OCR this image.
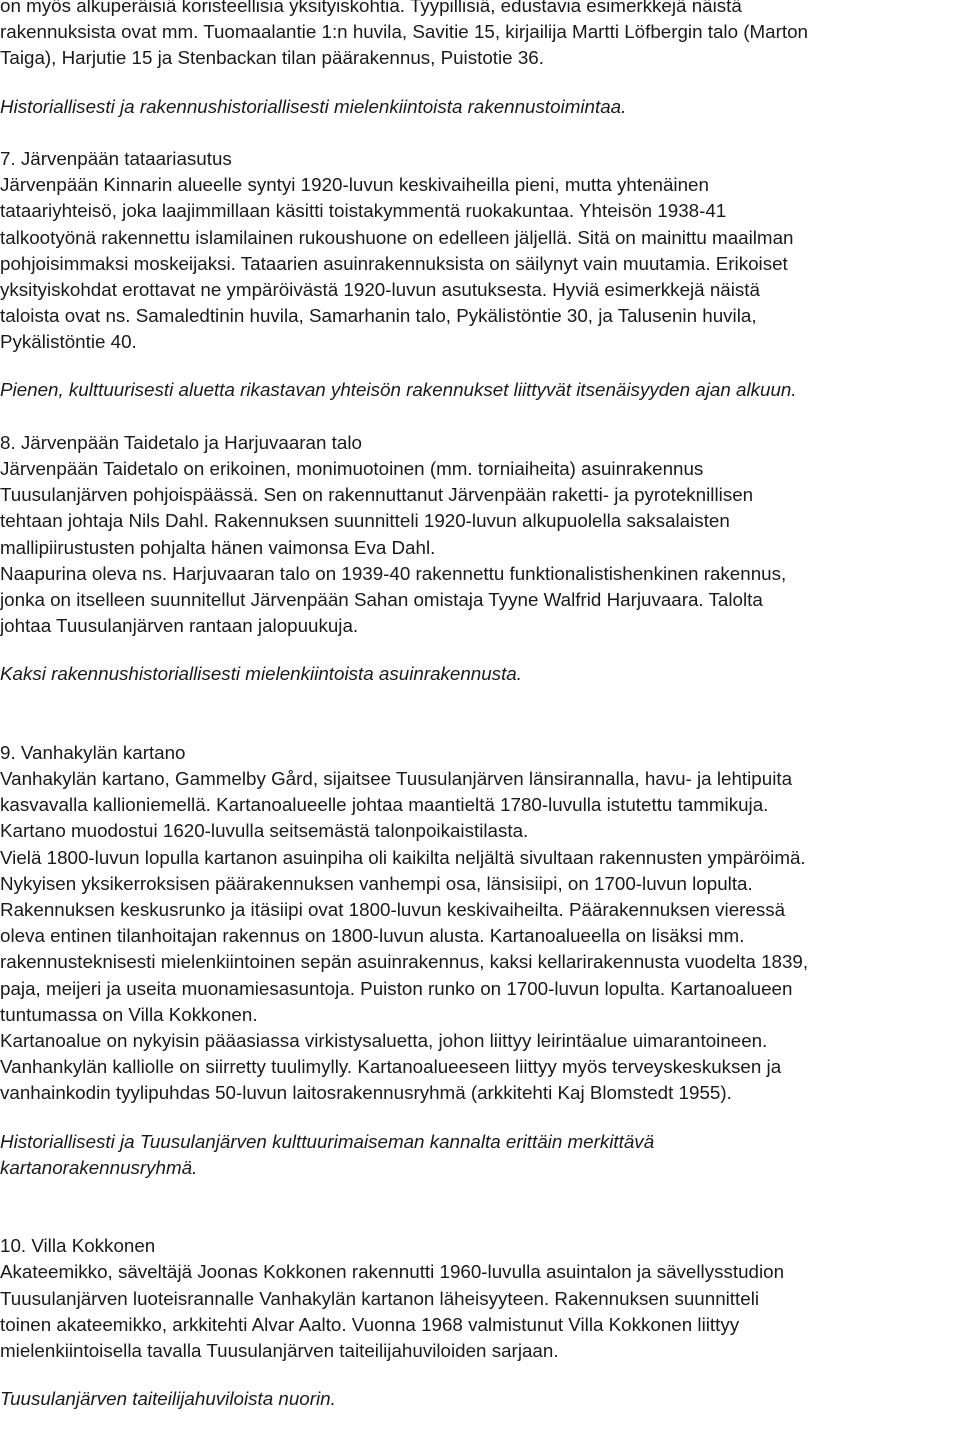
on myös alkuperäisiä koristeellisia yksityiskohtia. Tyypillisiä, edustavia esimerkkejä näistä
rakennuksista ovat mm. Tuomaalantie 1:n huvila, Savitie 15, kirjailija Martti Löfbergin talo (Marton
Taiga), Harjutie 15 ja Stenbackan tilan päärakennus, Puistotie 36.
Historiallisesti ja rakennushistoriallisesti mielenkiintoista rakennustoimintaa.
7. Järvenpään tataariasutus
Järvenpään Kinnarin alueelle syntyi 1920-luvun keskivaiheilla pieni, mutta yhtenäinen
tataariyhteisö, joka laajimmillaan käsitti toistakymmentä ruokakuntaa. Yhteisön 1938-41
talkootyönä rakennettu islamilainen rukoushuone on edelleen jäljellä. Sitä on mainittu maailman
pohjoisimmaksi moskeijaksi. Tataarien asuinrakennuksista on säilynyt vain muutamia. Erikoiset
yksityiskohdat erottavat ne ympäröivästä 1920-luvun asutuksesta. Hyviä esimerkkejä näistä
taloista ovat ns. Samaledtinin huvila, Samarhanin talo, Pykälistöntie 30, ja Talusenin huvila,
Pykälistöntie 40.
Pienen, kulttuurisesti aluetta rikastavan yhteisön rakennukset liittyvät itsenäisyyden ajan alkuun.
8. Järvenpään Taidetalo ja Harjuvaaran talo
Järvenpään Taidetalo on erikoinen, monimuotoinen (mm. torniaiheita) asuinrakennus
Tuusulanjärven pohjoispäässä. Sen on rakennuttanut Järvenpään raketti- ja pyroteknillisen
tehtaan johtaja Nils Dahl. Rakennuksen suunnitteli 1920-luvun alkupuolella saksalaisten
mallipiirustusten pohjalta hänen vaimonsa Eva Dahl.
Naapurina oleva ns. Harjuvaaran talo on 1939-40 rakennettu funktionalistishenkinen rakennus,
jonka on itselleen suunnitellut Järvenpään Sahan omistaja Tyyne Walfrid Harjuvaara. Talolta
johtaa Tuusulanjärven rantaan jalopuukuja.
Kaksi rakennushistoriallisesti mielenkiintoista asuinrakennusta.
9. Vanhakylän kartano
Vanhakylän kartano, Gammelby Gård, sijaitsee Tuusulanjärven länsirannalla, havu- ja lehtipuita
kasvavalla kallioniemellä. Kartanoalueelle johtaa maantieltä 1780-luvulla istutettu tammikuja.
Kartano muodostui 1620-luvulla seitsemästä talonpoikaistilasta.
Vielä 1800-luvun lopulla kartanon asuinpiha oli kaikilta neljältä sivultaan rakennusten ympäröimä.
Nykyisen yksikerroksisen päärakennuksen vanhempi osa, länsisiipi, on 1700-luvun lopulta.
Rakennuksen keskusrunko ja itäsiipi ovat 1800-luvun keskivaiheilta. Päärakennuksen vieressä
oleva entinen tilanhoitajan rakennus on 1800-luvun alusta. Kartanoalueella on lisäksi mm.
rakennusteknisesti mielenkiintoinen sepän asuinrakennus, kaksi kellarirakennusta vuodelta 1839,
paja, meijeri ja useita muonamiesasuntoja. Puiston runko on 1700-luvun lopulta. Kartanoalueen
tuntumassa on Villa Kokkonen.
Kartanoalue on nykyisin pääasiassa virkistysaluetta, johon liittyy leirintäalue uimarantoineen.
Vanhankylän kalliolle on siirretty tuulimylly. Kartanoalueeseen liittyy myös terveyskeskuksen ja
vanhainkodin tyylipuhdas 50-luvun laitosrakennusryhmä (arkkitehti Kaj Blomstedt 1955).
Historiallisesti ja Tuusulanjärven kulttuurimaiseman kannalta erittäin merkittävä
kartanorakennusryhmä.
10. Villa Kokkonen
Akateemikko, säveltäjä Joonas Kokkonen rakennutti 1960-luvulla asuintalon ja sävellysstudion
Tuusulanjärven luoteisrannalle Vanhakylän kartanon läheisyyteen. Rakennuksen suunnitteli
toinen akateemikko, arkkitehti Alvar Aalto. Vuonna 1968 valmistunut Villa Kokkonen liittyy
mielenkiintoisella tavalla Tuusulanjärven taiteilijahuviloiden sarjaan.
Tuusulanjärven taiteilijahuviloista nuorin.
